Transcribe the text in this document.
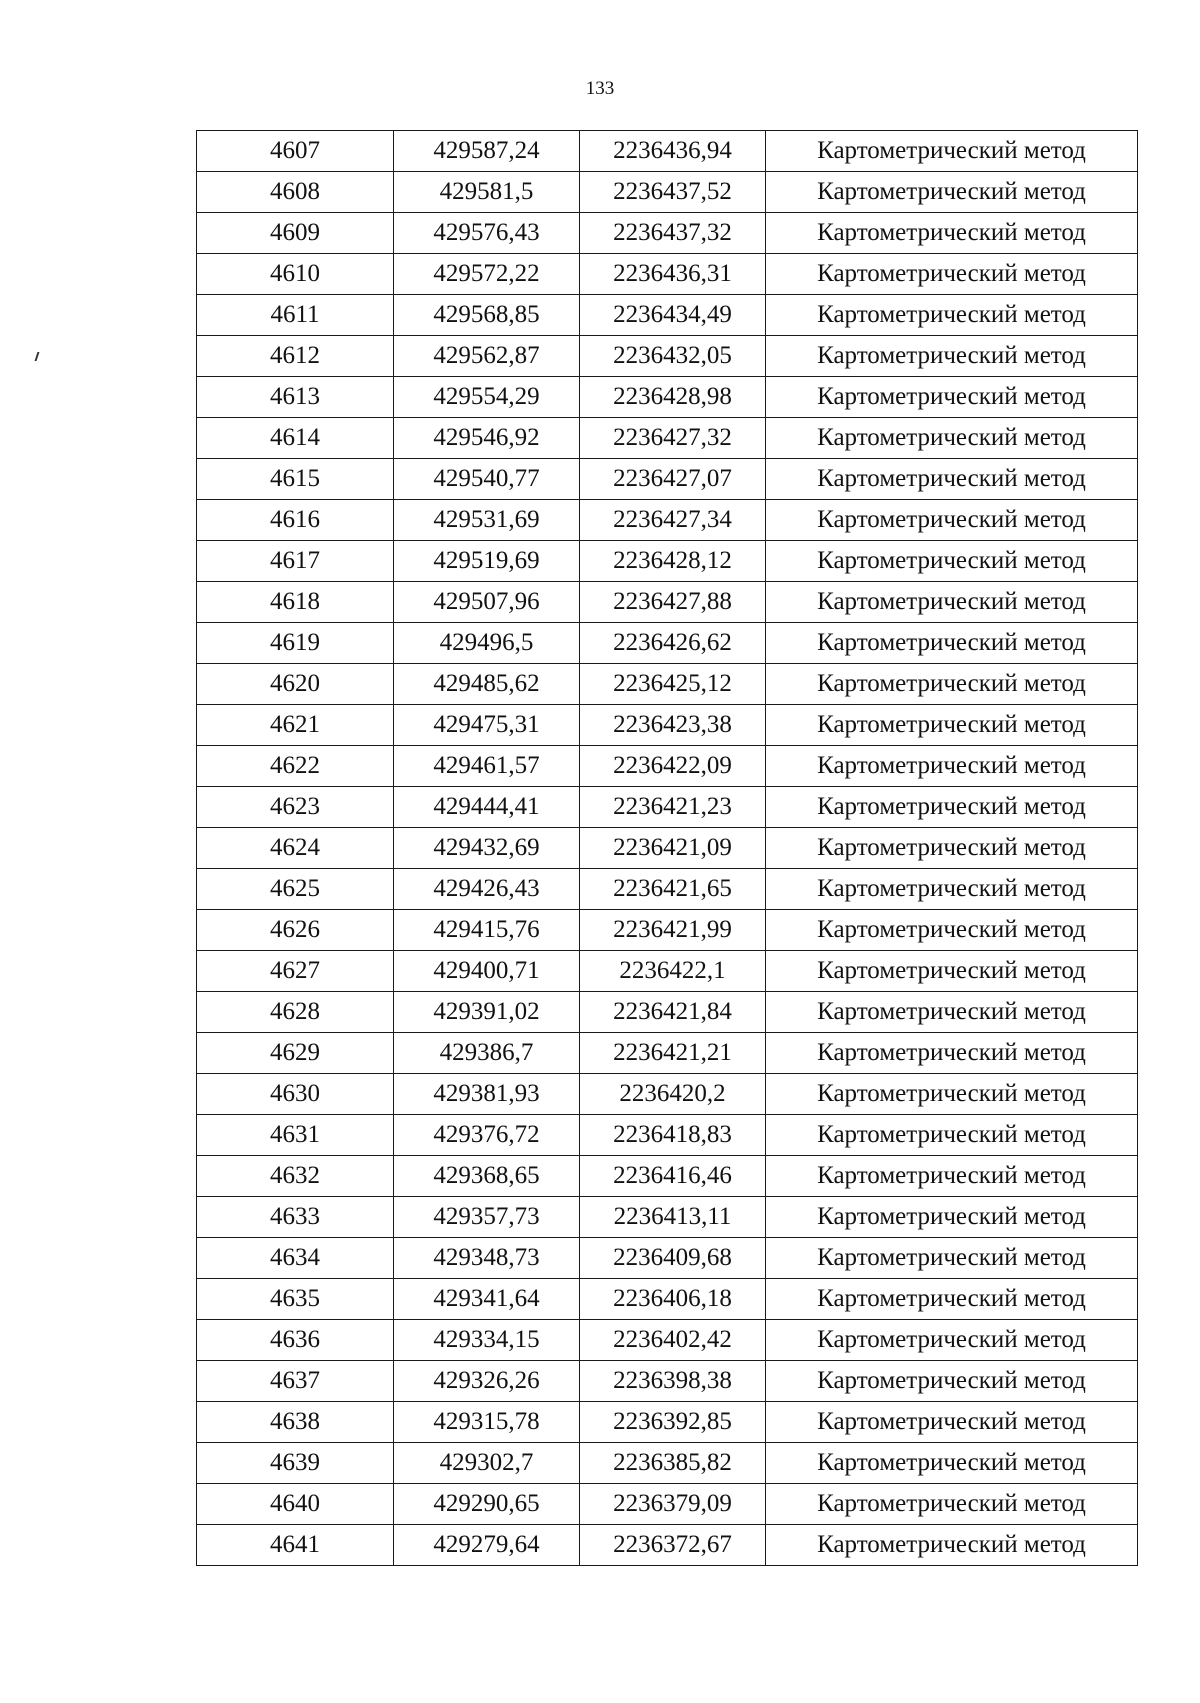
133
4607	429587,24	2236436,94	Картометрический метод
4608	429581,5	2236437,52	Картометрический метод
4609	429576,43	2236437,32	Картометрический метод
4610	429572,22	2236436,31	Картометрический метод
4611	429568,85	2236434,49	Картометрический метод
4612	429562,87	2236432,05	Картометрический метод
4613	429554,29	2236428,98	Картометрический метод
4614	429546,92	2236427,32	Картометрический метод
4615	429540,77	2236427,07	Картометрический метод
4616	429531,69	2236427,34	Картометрический метод
4617	429519,69	2236428,12	Картометрический метод
4618	429507,96	2236427,88	Картометрический метод
4619	429496,5	2236426,62	Картометрический метод
4620	429485,62	2236425,12	Картометрический метод
4621	429475,31	2236423,38	Картометрический метод
4622	429461,57	2236422,09	Картометрический метод
4623	429444,41	2236421,23	Картометрический метод
4624	429432,69	2236421,09	Картометрический метод
4625	429426,43	2236421,65	Картометрический метод
4626	429415,76	2236421,99	Картометрический метод
4627	429400,71	2236422,1	Картометрический метод
4628	429391,02	2236421,84	Картометрический метод
4629	429386,7	2236421,21	Картометрический метод
4630	429381,93	2236420,2	Картометрический метод
4631	429376,72	2236418,83	Картометрический метод
4632	429368,65	2236416,46	Картометрический метод
4633	429357,73	2236413,11	Картометрический метод
4634	429348,73	2236409,68	Картометрический метод
4635	429341,64	2236406,18	Картометрический метод
4636	429334,15	2236402,42	Картометрический метод
4637	429326,26	2236398,38	Картометрический метод
4638	429315,78	2236392,85	Картометрический метод
4639	429302,7	2236385,82	Картометрический метод
4640	429290,65	2236379,09	Картометрический метод
4641	429279,64	2236372,67	Картометрический метод
